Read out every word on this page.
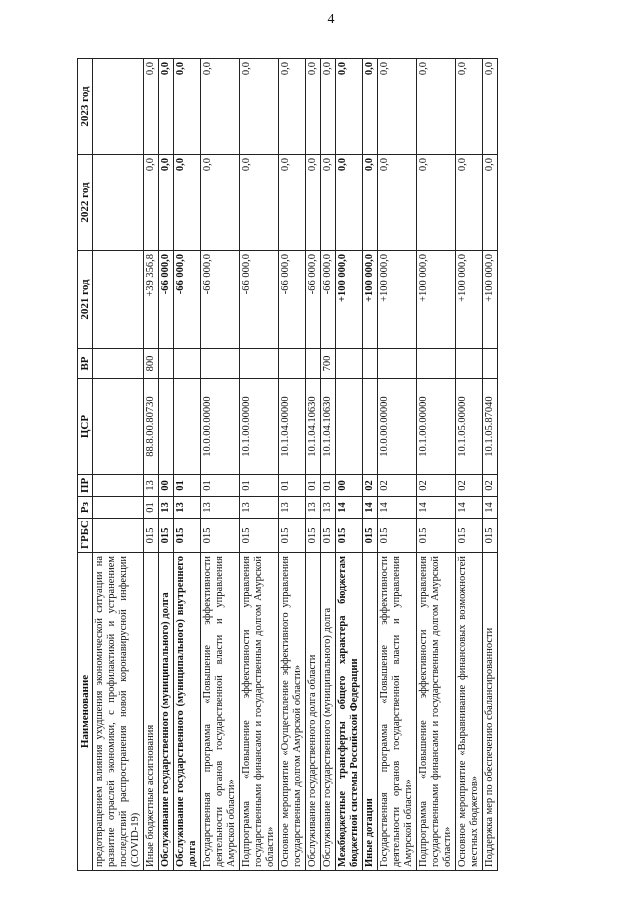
4
Наименование	ГРБС	Рз	ПР	ЦСР	ВР	2021 год	2022 год	2023 год
предотвращением влияния ухудшения экономической ситуации на развитие отраслей экономики, с профилактикой и устранением последствий распространения новой коронавирусной инфекции (COVID-19)								
Иные бюджетные ассигнования	015	01	13	88.8.00.80730	800	+39 356,8	0,0	0,0
Обслуживание государственного (муниципального) долга	015	13	00			-66 000,0	0,0	0,0
Обслуживание государственного (муниципального) внутреннего долга	015	13	01			-66 000,0	0,0	0,0
Государственная программа «Повышение эффективности деятельности органов государственной власти и управления Амурской области»	015	13	01	10.0.00.00000		-66 000,0	0,0	0,0
Подпрограмма «Повышение эффективности управления государственными финансами и государственным долгом Амурской области»	015	13	01	10.1.00.00000		-66 000,0	0,0	0,0
Основное мероприятие «Осуществление эффективного управления государственным долгом Амурской области»	015	13	01	10.1.04.00000		-66 000,0	0,0	0,0
Обслуживание государственного долга области	015	13	01	10.1.04.10630		-66 000,0	0,0	0,0
Обслуживание государственного (муниципального) долга	015	13	01	10.1.04.10630	700	-66 000,0	0,0	0,0
Межбюджетные трансферты общего характера бюджетам бюджетной системы Российской Федерации	015	14	00			+100 000,0	0,0	0,0
Иные дотации	015	14	02			+100 000,0	0,0	0,0
Государственная программа «Повышение эффективности деятельности органов государственной власти и управления Амурской области»	015	14	02	10.0.00.00000		+100 000,0	0,0	0,0
Подпрограмма «Повышение эффективности управления государственными финансами и государственным долгом Амурской области»	015	14	02	10.1.00.00000		+100 000,0	0,0	0,0
Основное мероприятие «Выравнивание финансовых возможностей местных бюджетов»	015	14	02	10.1.05.00000		+100 000,0	0,0	0,0
Поддержка мер по обеспечению сбалансированности	015	14	02	10.1.05.87040		+100 000,0	0,0	0,0
